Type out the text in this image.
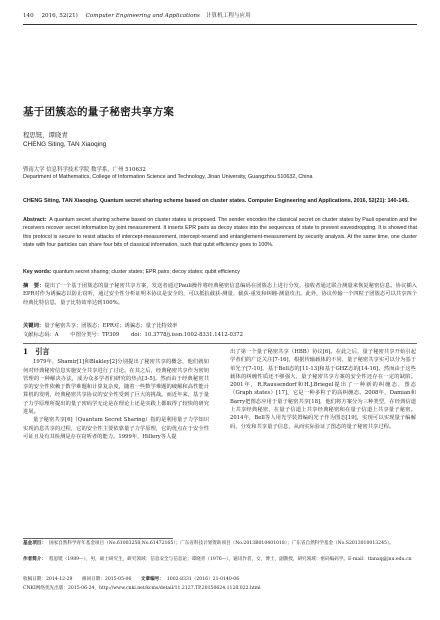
140 2016, 52(21) Computer Engineering and Applications 计算机工程与应用
基于团簇态的量子秘密共享方案
程思铤，谭晓青
CHENG Siting, TAN Xiaoqing
暨南大学 信息科学技术学院 数学系，广州 510632
Department of Mathematics, College of Information Science and Technology, Jinan University, Guangzhou 510632, China
CHENG Siting, TAN Xiaoqing. Quantum secret sharing scheme based on cluster states. Computer Engineering and Applications, 2016, 52(21): 140-145.
Abstract: A quantum secret sharing scheme based on cluster states is proposed. The sender encodes the classical secret on cluster states by Pauli operation and the receivers recover secret information by joint measurement. It inserts EPR pairs as decoy states into the sequences of state to prevent eavesdropping. It is showed that this protocol is secure to resist attacks of intercept-measurement, intercept-resend and entanglement-measurement by security analysis. At the same time, one cluster state with four particles can share four bits of classical information, such that qubit efficiency goes to 100%.
Key words: quantum secret sharing; cluster states; EPR pairs; decoy states; qubit efficiency
摘　要：提出了一个基于团簇态的量子秘密共享方案，发送者通过Pauli操作将经典秘密信息编码在团簇态上进行分发，接收者通过联合测量来恢复秘密信息。协议插入EPR对作为诱骗态以防止窃听，通过安全性分析证明本协议是安全的，可以抵抗截获-测量、截获-重发和纠缠-测量攻击。此外，协议传输一个四粒子团簇态可以共享四个经典比特信息，量子比特效率达到100%。
关键词：量子秘密共享；团簇态；EPR对；诱骗态；量子比特效率
文献标志码：A 中图分类号：TP309 doi：10.3778/j.issn.1002-8331.1412-0372
1　引言

1979年，Shamir[1]和Blakley[2]分别提出了秘密共享的概念，他们就如何对经典秘密信息实施安全共享进行了讨论。在其之后，经典秘密共享作为密钥管理的一种解决办法，成为众多学者们研究的热点[3-5]。然而由于经典秘密共享的安全性依赖于数学难题和计算复杂度，随着一些数学难题的破解和高性能计算机的发明，经典秘密共享协议的安全性受到了巨大的挑战。而近年来，基于量子力学原理所提出的量子密码学无论是在理论上还是实践上都取得了较快的研究进展。

量子秘密共享[6]（Quantum Secret Sharing）指的是利用量子力学知识实现消息共享的过程，它的安全性主要依靠量子力学原理，它的优点在于安全性可证且及有其检测是存在窃听者的能力。1999年，Hillery等人提

出了第一个量子秘密共享（HBB）协议[6]。在此之后，量子秘密共享开始引起学者们的广泛关注[7-16]，根据传输载体的不同，量子秘密共享实可以分为基于单光子[7-10]、基于Bell态的[11-13]和基于GHZ态的[14-16]。然而由于这些载体的纠缠性质还不够强大，量子秘密共享方案的安全性还存在一定的缺陷。2001年，R.Raussendorf和H.J.Briegel提出了一种新的纠缠态，图态（Graph states）[17]，它是一种多粒子的高纠缠态。2008年，Damian和Barry把图态应用于量子秘密共享[18]，他们将方案分为三种类型，在经典信道上共享经典秘密，在量子信道上共享经典秘密和在量子信道上共享量子秘密。2014年，Bell等人用光学装置编码光子作为图态[19]，实现可以实现量子编解码，分发和共享量子信息，从而实际验证了图态的量子秘密共享过程。

基金项目： 国家自然科学青年基金项目（No.61003258,No.61472165）；广东省科技计划资助项目（No.2013B010401018）；广东省自然科学基金（No.S2013010013245）。
作者简介： 程思铤（1989—），男，硕士研究生，研究领域：信息安全与信息论；谭晓青（1976—），通讯作者，女，博士，副教授，研究领域：密码编码学。E-mail：ttanxq@jnu.edu.cn
收稿日期：2014-12-29 修回日期：2015-05-06 文章编号： 1002-8331（2016）21-0140-06
CNKI网络优先出版：2015-06-24，http://www.cnki.net/kcms/detail/11.2127.TP.20150624.1128.022.html
